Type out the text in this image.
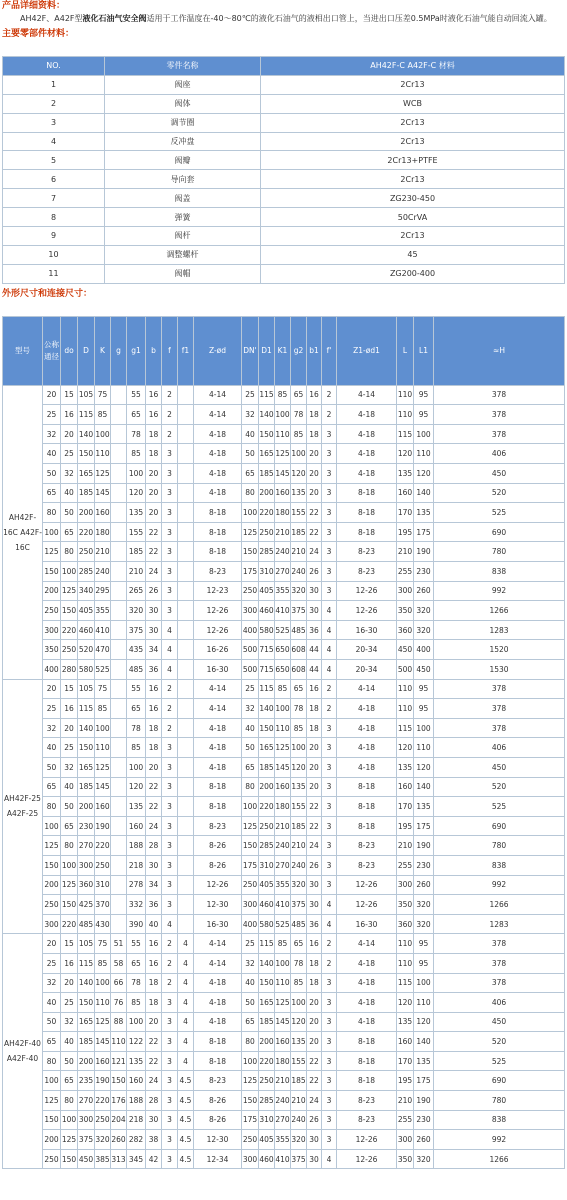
产品详细资料：
AH42F、A42F型液化石油气安全阀适用于工作温度在-40～80℃的液化石油气的液相出口管上，当进出口压差0.5MPa时液化石油气能自动回流入罐。
主要零部件材料：
NO.	零件名称	AH42F-C A42F-C 材料
1	阀座	2Cr13
2	阀体	WCB
3	调节圈	2Cr13
4	反冲盘	2Cr13
5	阀瓣	2Cr13+PTFE
6	导向套	2Cr13
7	阀盖	ZG230-450
8	弹簧	50CrVA
9	阀杆	2Cr13
10	调整螺杆	45
11	阀帽	ZG200-400
外形尺寸和连接尺寸：
型号	公称通径	do	D	K	g	g1	b	f	f1	Z-ød	DN'	D1	K1	g2	b1	f'	Z1-ød1	L	L1	≈H
AH42F-16C A42F-16C	20	15	105	75		55	16	2		4-14	25	115	85	65	16	2	4-14	110	95	378
	25	16	115	85		65	16	2		4-14	32	140	100	78	18	2	4-18	110	95	378
	32	20	140	100		78	18	2		4-18	40	150	110	85	18	3	4-18	115	100	378
	40	25	150	110		85	18	3		4-18	50	165	125	100	20	3	4-18	120	110	406
	50	32	165	125		100	20	3		4-18	65	185	145	120	20	3	4-18	135	120	450
	65	40	185	145		120	20	3		4-18	80	200	160	135	20	3	8-18	160	140	520
	80	50	200	160		135	20	3		8-18	100	220	180	155	22	3	8-18	170	135	525
	100	65	220	180		155	22	3		8-18	125	250	210	185	22	3	8-18	195	175	690
	125	80	250	210		185	22	3		8-18	150	285	240	210	24	3	8-23	210	190	780
	150	100	285	240		210	24	3		8-23	175	310	270	240	26	3	8-23	255	230	838
	200	125	340	295		265	26	3		12-23	250	405	355	320	30	3	12-26	300	260	992
	250	150	405	355		320	30	3		12-26	300	460	410	375	30	4	12-26	350	320	1266
	300	220	460	410		375	30	4		12-26	400	580	525	485	36	4	16-30	360	320	1283
	350	250	520	470		435	34	4		16-26	500	715	650	608	44	4	20-34	450	400	1520
	400	280	580	525		485	36	4		16-30	500	715	650	608	44	4	20-34	500	450	1530
AH42F-25 A42F-25	20	15	105	75		55	16	2		4-14	25	115	85	65	16	2	4-14	110	95	378
	25	16	115	85		65	16	2		4-14	32	140	100	78	18	2	4-18	110	95	378
	32	20	140	100		78	18	2		4-18	40	150	110	85	18	3	4-18	115	100	378
	40	25	150	110		85	18	3		4-18	50	165	125	100	20	3	4-18	120	110	406
	50	32	165	125		100	20	3		4-18	65	185	145	120	20	3	4-18	135	120	450
	65	40	185	145		120	22	3		8-18	80	200	160	135	20	3	8-18	160	140	520
	80	50	200	160		135	22	3		8-18	100	220	180	155	22	3	8-18	170	135	525
	100	65	230	190		160	24	3		8-23	125	250	210	185	22	3	8-18	195	175	690
	125	80	270	220		188	28	3		8-26	150	285	240	210	24	3	8-23	210	190	780
	150	100	300	250		218	30	3		8-26	175	310	270	240	26	3	8-23	255	230	838
	200	125	360	310		278	34	3		12-26	250	405	355	320	30	3	12-26	300	260	992
	250	150	425	370		332	36	3		12-30	300	460	410	375	30	4	12-26	350	320	1266
	300	220	485	430		390	40	4		16-30	400	580	525	485	36	4	16-30	360	320	1283
AH42F-40 A42F-40	20	15	105	75	51	55	16	2	4	4-14	25	115	85	65	16	2	4-14	110	95	378
	25	16	115	85	58	65	16	2	4	4-14	32	140	100	78	18	2	4-18	110	95	378
	32	20	140	100	66	78	18	2	4	4-18	40	150	110	85	18	3	4-18	115	100	378
	40	25	150	110	76	85	18	3	4	4-18	50	165	125	100	20	3	4-18	120	110	406
	50	32	165	125	88	100	20	3	4	4-18	65	185	145	120	20	3	4-18	135	120	450
	65	40	185	145	110	122	22	3	4	8-18	80	200	160	135	20	3	8-18	160	140	520
	80	50	200	160	121	135	22	3	4	8-18	100	220	180	155	22	3	8-18	170	135	525
	100	65	235	190	150	160	24	3	4.5	8-23	125	250	210	185	22	3	8-18	195	175	690
	125	80	270	220	176	188	28	3	4.5	8-26	150	285	240	210	24	3	8-23	210	190	780
	150	100	300	250	204	218	30	3	4.5	8-26	175	310	270	240	26	3	8-23	255	230	838
	200	125	375	320	260	282	38	3	4.5	12-30	250	405	355	320	30	3	12-26	300	260	992
	250	150	450	385	313	345	42	3	4.5	12-34	300	460	410	375	30	4	12-26	350	320	1266
